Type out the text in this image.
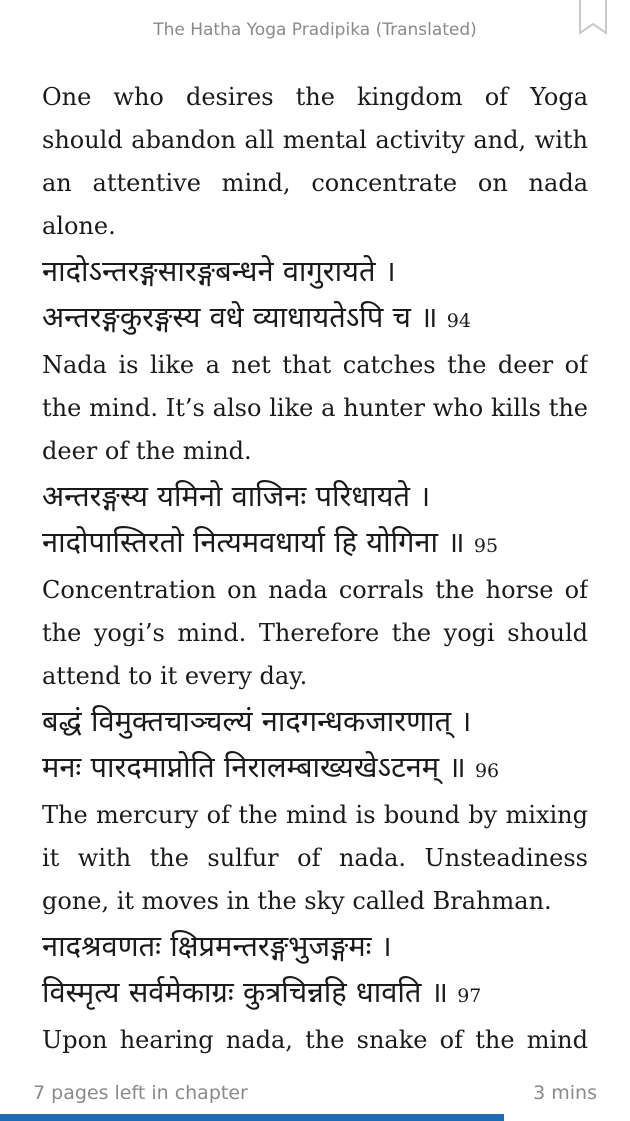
The Hatha Yoga Pradipika (Translated)

One who desires the kingdom of Yoga should abandon all mental activity and, with an attentive mind, concentrate on nada alone.

नादोऽन्तरङ्गसारङ्गबन्धने वागुरायते ।

अन्तरङ्गकुरङ्गस्य वधे व्याधायतेऽपि च ॥ 94

Nada is like a net that catches the deer of the mind. It’s also like a hunter who kills the deer of the mind.

अन्तरङ्गस्य यमिनो वाजिनः परिधायते ।

नादोपास्तिरतो नित्यमवधार्या हि योगिना ॥ 95

Concentration on nada corrals the horse of the yogi’s mind. Therefore the yogi should attend to it every day.

बद्धं विमुक्तचाञ्चल्यं नादगन्धकजारणात् ।

मनः पारदमाप्नोति निरालम्बाख्यखेऽटनम् ॥ 96

The mercury of the mind is bound by mixing it with the sulfur of nada. Unsteadiness gone, it moves in the sky called Brahman.

नादश्रवणतः क्षिप्रमन्तरङ्गभुजङ्गमः ।

विस्मृत्य सर्वमेकाग्रः कुत्रचिन्नहि धावति ॥ 97

Upon hearing nada, the snake of the mind

7 pages left in chapter	3 mins
